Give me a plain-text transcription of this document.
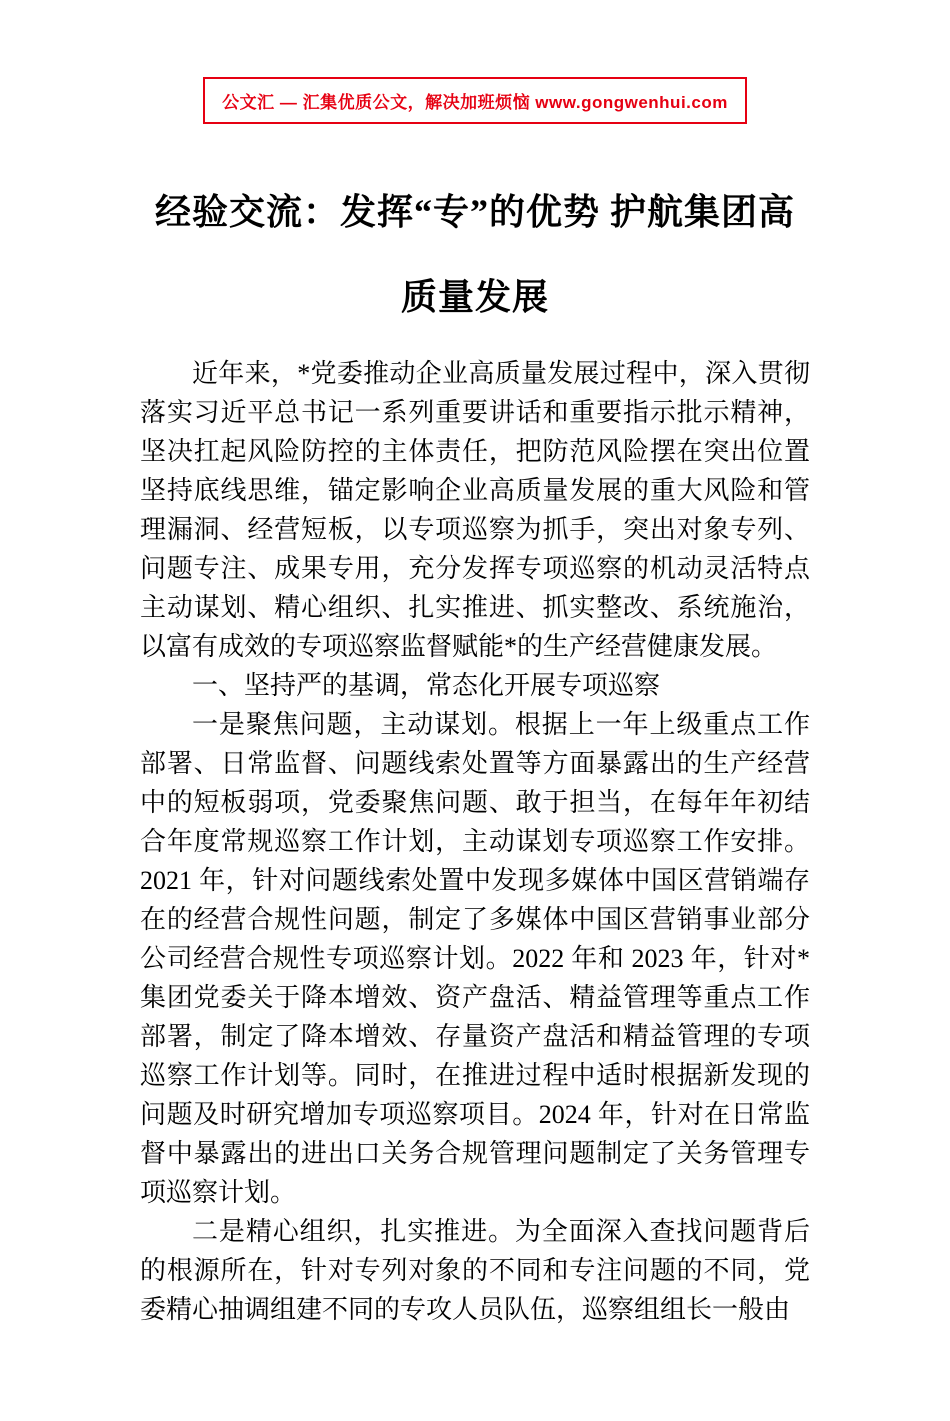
公文汇 — 汇集优质公文，解决加班烦恼 www.gongwenhui.com
经验交流：发挥“专”的优势 护航集团高质量发展

近年来，*党委推动企业高质量发展过程中，深入贯彻落实习近平总书记一系列重要讲话和重要指示批示精神，坚决扛起风险防控的主体责任，把防范风险摆在突出位置坚持底线思维，锚定影响企业高质量发展的重大风险和管理漏洞、经营短板，以专项巡察为抓手，突出对象专列、问题专注、成果专用，充分发挥专项巡察的机动灵活特点主动谋划、精心组织、扎实推进、抓实整改、系统施治，以富有成效的专项巡察监督赋能*的生产经营健康发展。

一、坚持严的基调，常态化开展专项巡察

一是聚焦问题，主动谋划。根据上一年上级重点工作部署、日常监督、问题线索处置等方面暴露出的生产经营中的短板弱项，党委聚焦问题、敢于担当，在每年年初结合年度常规巡察工作计划，主动谋划专项巡察工作安排。2021 年，针对问题线索处置中发现多媒体中国区营销端存在的经营合规性问题，制定了多媒体中国区营销事业部分公司经营合规性专项巡察计划。2022 年和 2023 年，针对*集团党委关于降本增效、资产盘活、精益管理等重点工作部署，制定了降本增效、存量资产盘活和精益管理的专项巡察工作计划等。同时，在推进过程中适时根据新发现的问题及时研究增加专项巡察项目。2024 年，针对在日常监督中暴露出的进出口关务合规管理问题制定了关务管理专项巡察计划。

二是精心组织，扎实推进。为全面深入查找问题背后的根源所在，针对专列对象的不同和专注问题的不同，党委精心抽调组建不同的专攻人员队伍，巡察组组长一般由
